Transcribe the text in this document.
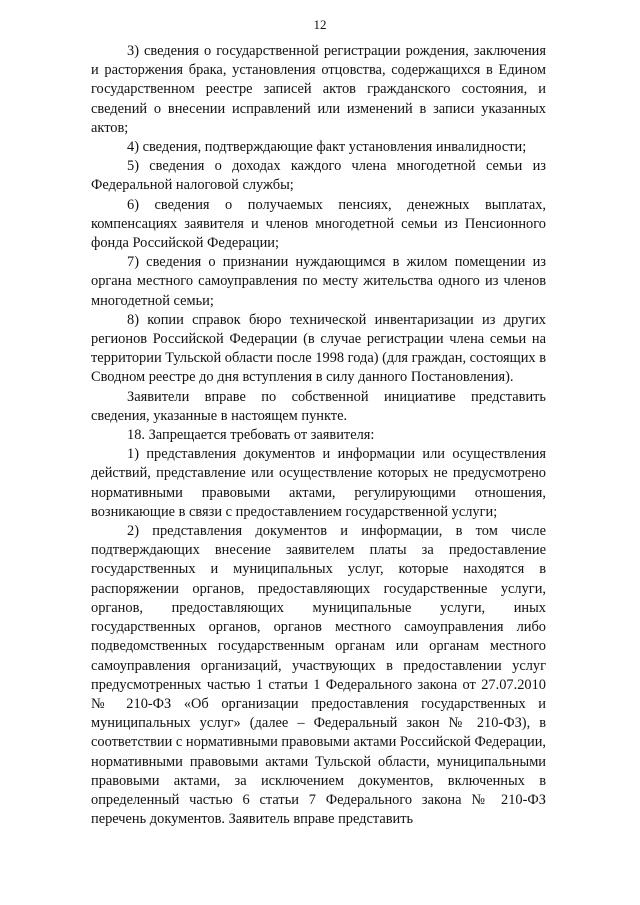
12

3) сведения о государственной регистрации рождения, заключения и расторжения брака, установления отцовства, содержащихся в Едином государственном реестре записей актов гражданского состояния, и сведений о внесении исправлений или изменений в записи указанных актов;

4) сведения, подтверждающие факт установления инвалидности;

5) сведения о доходах каждого члена многодетной семьи из Федеральной налоговой службы;

6) сведения о получаемых пенсиях, денежных выплатах, компенсациях заявителя и членов многодетной семьи из Пенсионного фонда Российской Федерации;

7) сведения о признании нуждающимся в жилом помещении из органа местного самоуправления по месту жительства одного из членов многодетной семьи;

8) копии справок бюро технической инвентаризации из других регионов Российской Федерации (в случае регистрации члена семьи на территории Тульской области после 1998 года) (для граждан, состоящих в Сводном реестре до дня вступления в силу данного Постановления).

Заявители вправе по собственной инициативе представить сведения, указанные в настоящем пункте.

18. Запрещается требовать от заявителя:

1) представления документов и информации или осуществления действий, представление или осуществление которых не предусмотрено нормативными правовыми актами, регулирующими отношения, возникающие в связи с предоставлением государственной услуги;

2) представления документов и информации, в том числе подтверждающих внесение заявителем платы за предоставление государственных и муниципальных услуг, которые находятся в распоряжении органов, предоставляющих государственные услуги, органов, предоставляющих муниципальные услуги, иных государственных органов, органов местного самоуправления либо подведомственных государственным органам или органам местного самоуправления организаций, участвующих в предоставлении услуг предусмотренных частью 1 статьи 1 Федерального закона от 27.07.2010 № 210-ФЗ «Об организации предоставления государственных и муниципальных услуг» (далее – Федеральный закон № 210-ФЗ), в соответствии с нормативными правовыми актами Российской Федерации, нормативными правовыми актами Тульской области, муниципальными правовыми актами, за исключением документов, включенных в определенный частью 6 статьи 7 Федерального закона № 210-ФЗ перечень документов. Заявитель вправе представить
